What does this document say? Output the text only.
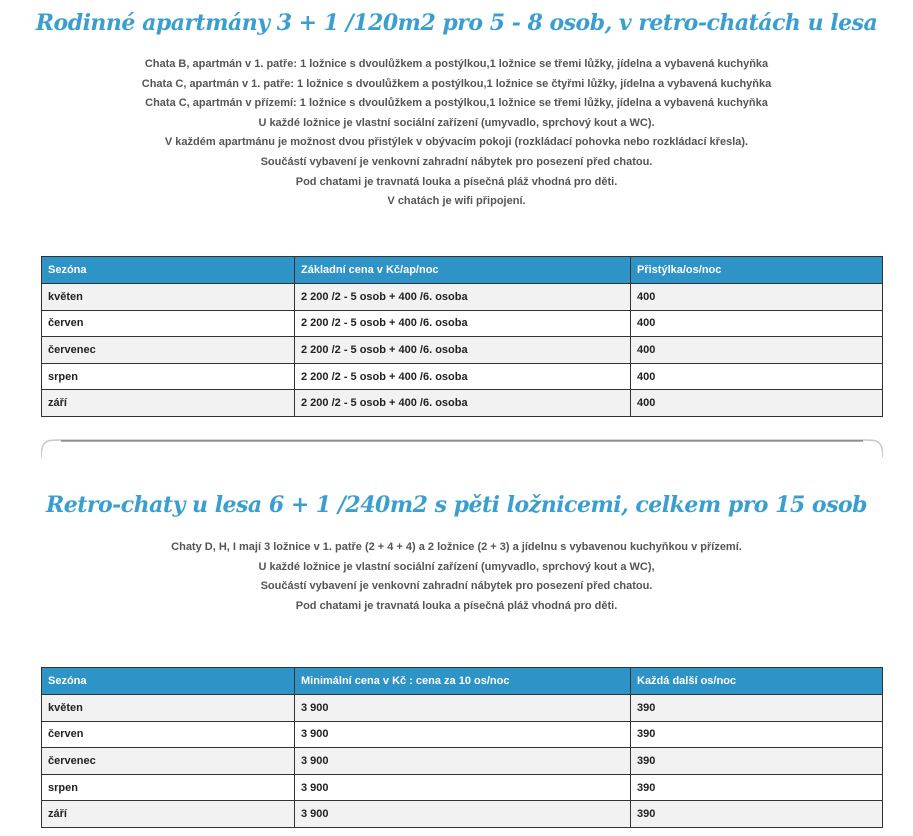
Rodinné apartmány 3 + 1 /120m2 pro 5 - 8 osob, v retro-chatách u lesa

Chata B, apartmán v 1. patře: 1 ložnice s dvoulůžkem a postýlkou,1 ložnice se třemi lůžky, jídelna a vybavená kuchyňka

Chata C, apartmán v 1. patře: 1 ložnice s dvoulůžkem a postýlkou,1 ložnice se čtyřmi lůžky, jídelna a vybavená kuchyňka

Chata C, apartmán v přízemí: 1 ložnice s dvoulůžkem a postýlkou,1 ložnice se třemi lůžky, jídelna a vybavená kuchyňka

U každé ložnice je vlastní sociální zařízení (umyvadlo, sprchový kout a WC).

V každém apartmánu je možnost dvou přistýlek v obývacím pokoji (rozkládací pohovka nebo rozkládací křesla).

Součástí vybavení je venkovní zahradní nábytek pro posezení před chatou.

Pod chatami je travnatá louka a písečná pláž vhodná pro děti.

V chatách je wifi připojení.

Sezóna	Základní cena v Kč/ap/noc	Přistýlka/os/noc
květen	2 200 /2 - 5 osob + 400 /6. osoba	400
červen	2 200 /2 - 5 osob + 400 /6. osoba	400
červenec	2 200 /2 - 5 osob + 400 /6. osoba	400
srpen	2 200 /2 - 5 osob + 400 /6. osoba	400
září	2 200 /2 - 5 osob + 400 /6. osoba	400
Retro-chaty u lesa 6 + 1 /240m2 s pěti ložnicemi, celkem pro 15 osob

Chaty D, H, I mají 3 ložnice v 1. patře (2 + 4 + 4) a 2 ložnice (2 + 3) a jídelnu s vybavenou kuchyňkou v přízemí.

U každé ložnice je vlastní sociální zařízení (umyvadlo, sprchový kout a WC),

Součástí vybavení je venkovní zahradní nábytek pro posezení před chatou.

Pod chatami je travnatá louka a písečná pláž vhodná pro děti.

Sezóna	Minimální cena v Kč : cena za 10 os/noc	Každá další os/noc
květen	3 900	390
červen	3 900	390
červenec	3 900	390
srpen	3 900	390
září	3 900	390
